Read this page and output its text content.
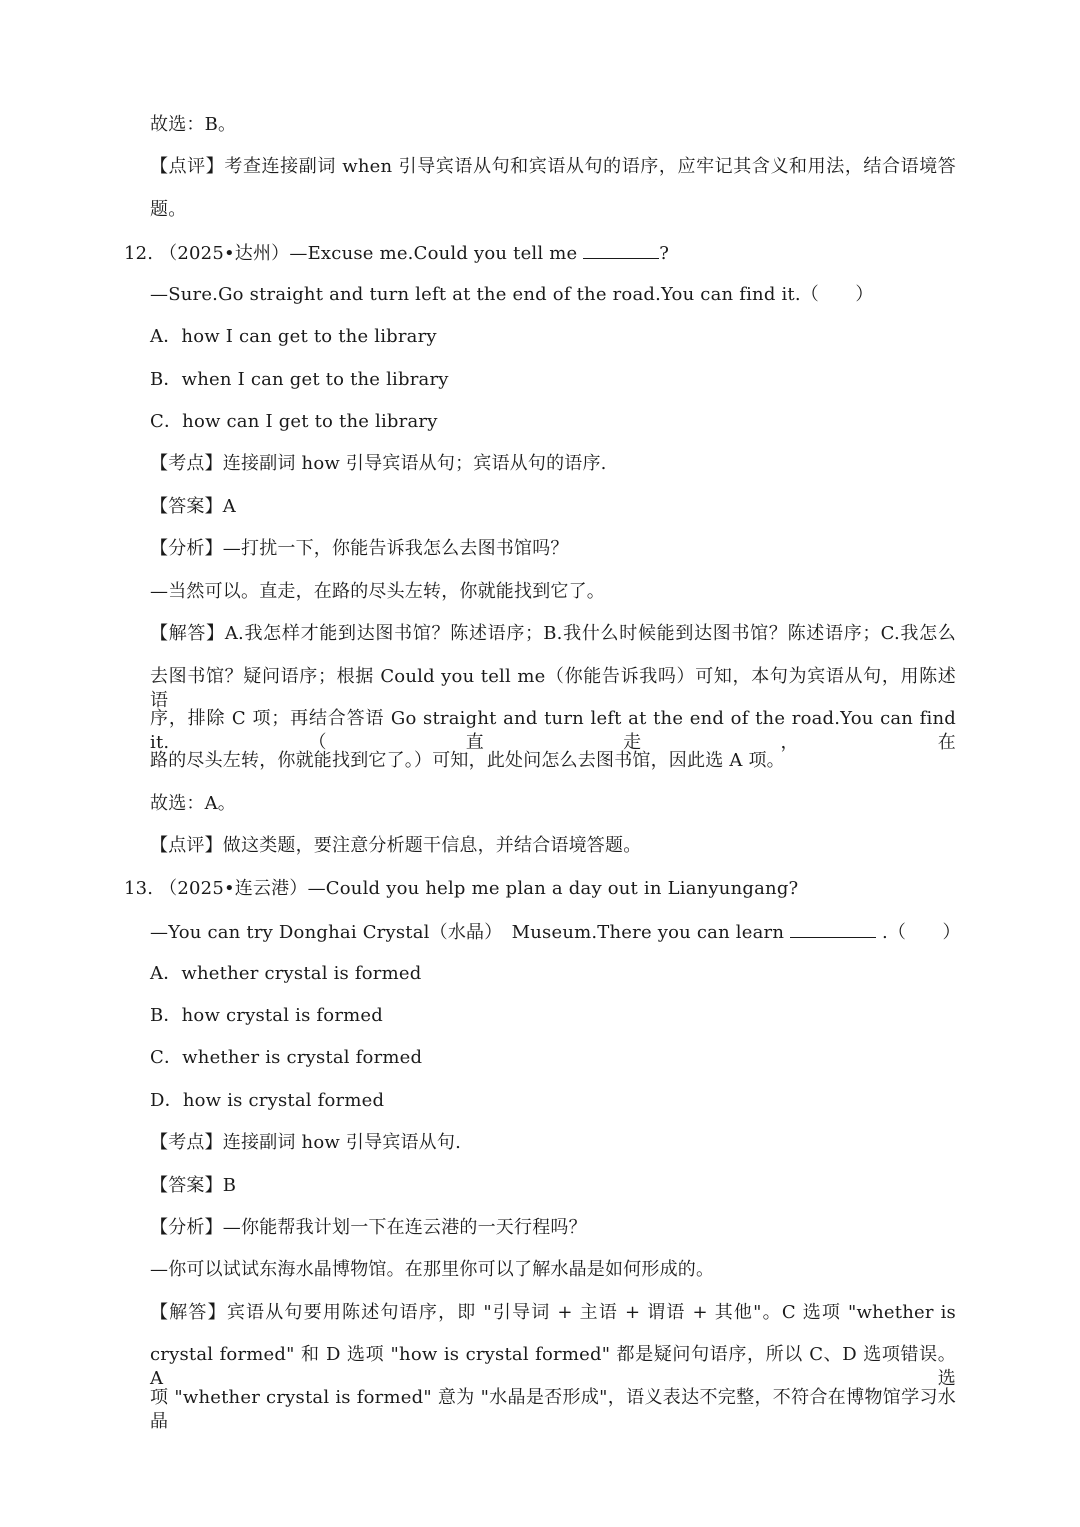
故选：B。
【点评】考查连接副词 when 引导宾语从句和宾语从句的语序，应牢记其含义和用法，结合语境答
题。
12. （2025•达州）—Excuse me.Could you tell me	?
—Sure.Go straight and turn left at the end of the road.You can find it.（　　）
A．how I can get to the library
B．when I can get to the library
C．how can I get to the library
【考点】连接副词 how 引导宾语从句；宾语从句的语序.
【答案】A
【分析】—打扰一下，你能告诉我怎么去图书馆吗？
—当然可以。直走，在路的尽头左转，你就能找到它了。
【解答】A.我怎样才能到达图书馆？陈述语序；B.我什么时候能到达图书馆？陈述语序；C.我怎么
去图书馆？疑问语序；根据 Could you tell me（你能告诉我吗）可知，本句为宾语从句，用陈述语
序，排除 C 项；再结合答语 Go straight and turn left at the end of the road.You can find it.（直走，在
路的尽头左转，你就能找到它了。）可知，此处问怎么去图书馆，因此选 A 项。
故选：A。
【点评】做这类题，要注意分析题干信息，并结合语境答题。
13. （2025•连云港）—Could you help me plan a day out in Lianyungang?
—You can try Donghai Crystal（水晶）　Museum.There you can learn	.（　　）
A．whether crystal is formed
B．how crystal is formed
C．whether is crystal formed
D．how is crystal formed
【考点】连接副词 how 引导宾语从句.
【答案】B
【分析】—你能帮我计划一下在连云港的一天行程吗？
—你可以试试东海水晶博物馆。在那里你可以了解水晶是如何形成的。
【解答】宾语从句要用陈述句语序，即 "引导词 + 主语 + 谓语 + 其他"。C 选项 "whether is
crystal formed" 和 D 选项 "how is crystal formed" 都是疑问句语序，所以 C、D 选项错误。A 选
项 "whether crystal is formed" 意为 "水晶是否形成"，语义表达不完整，不符合在博物馆学习水晶
